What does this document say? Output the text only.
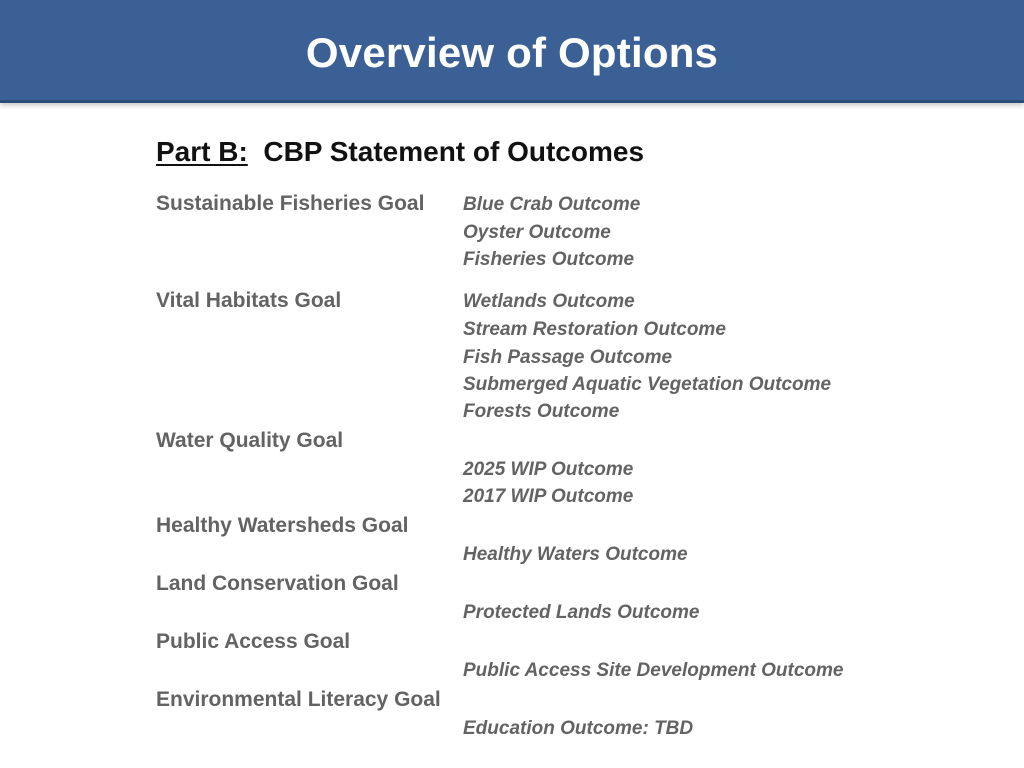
Overview of Options
Part B: CBP Statement of Outcomes
Sustainable Fisheries Goal Blue Crab Outcome
Oyster Outcome
Fisheries Outcome
Vital Habitats Goal	Wetlands Outcome
Stream Restoration Outcome
Fish Passage Outcome
Submerged Aquatic Vegetation Outcome
Forests Outcome
Water Quality Goal
2025 WIP Outcome
2017 WIP Outcome
Healthy Watersheds Goal
Healthy Waters Outcome
Land Conservation Goal
Protected Lands Outcome
Public Access Goal
Public Access Site Development Outcome
Environmental Literacy Goal
Education Outcome: TBD
